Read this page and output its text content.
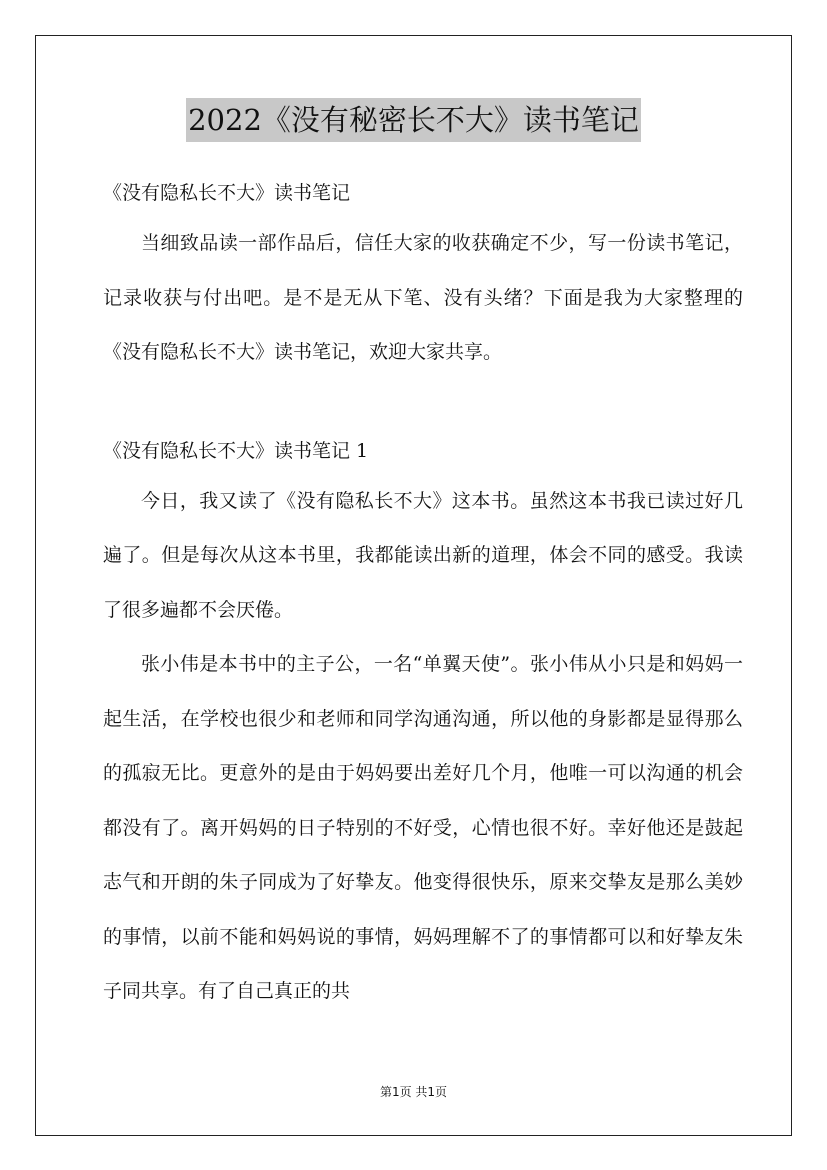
2022《没有秘密长不大》读书笔记

《没有隐私长不大》读书笔记

当细致品读一部作品后，信任大家的收获确定不少，写一份读书笔记，记录收获与付出吧。是不是无从下笔、没有头绪？下面是我为大家整理的《没有隐私长不大》读书笔记，欢迎大家共享。

《没有隐私长不大》读书笔记 1

今日，我又读了《没有隐私长不大》这本书。虽然这本书我已读过好几遍了。但是每次从这本书里，我都能读出新的道理，体会不同的感受。我读了很多遍都不会厌倦。

张小伟是本书中的主子公，一名“单翼天使”。张小伟从小只是和妈妈一起生活，在学校也很少和老师和同学沟通沟通，所以他的身影都是显得那么的孤寂无比。更意外的是由于妈妈要出差好几个月，他唯一可以沟通的机会都没有了。离开妈妈的日子特别的不好受，心情也很不好。幸好他还是鼓起志气和开朗的朱子同成为了好挚友。他变得很快乐，原来交挚友是那么美妙的事情，以前不能和妈妈说的事情，妈妈理解不了的事情都可以和好挚友朱子同共享。有了自己真正的共

第1页 共1页
